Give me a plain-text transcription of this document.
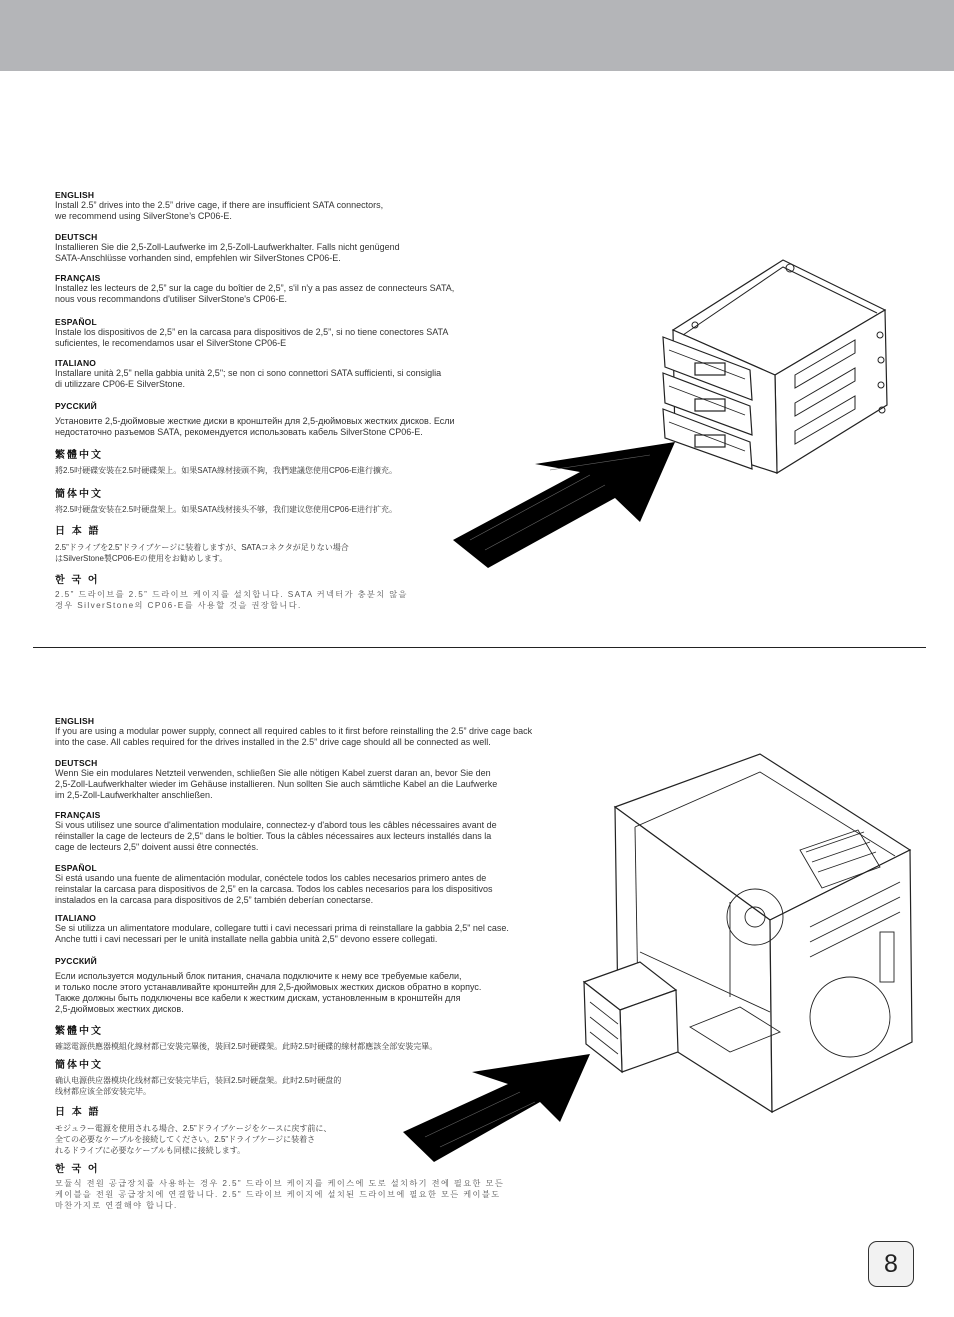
ENGLISH

Install 2.5” drives into the 2.5” drive cage, if there are insufficient SATA connectors,
we recommend using SilverStone’s CP06-E.

DEUTSCH

Installieren Sie die 2,5-Zoll-Laufwerke im 2,5-Zoll-Laufwerkhalter. Falls nicht genügend
SATA-Anschlüsse vorhanden sind, empfehlen wir SilverStones CP06-E.

FRANÇAIS

Installez les lecteurs de 2,5” sur la cage du boîtier de 2,5”, s'il n'y a pas assez de connecteurs SATA,
nous vous recommandons d'utiliser SilverStone's CP06-E.

ESPAÑOL

Instale los dispositivos de 2,5” en la carcasa para dispositivos de 2,5”, si no tiene conectores SATA
suficientes, le recomendamos usar el SilverStone CP06-E

ITALIANO

Installare unità 2,5" nella gabbia unità 2,5"; se non ci sono connettori SATA sufficienti, si consiglia
di utilizzare CP06-E SilverStone.

РУССКИЙ

Установите 2,5-дюймовые жесткие диски в кронштейн для 2,5-дюймовых жестких дисков. Если
недостаточно разъемов SATA, рекомендуется использовать кабель SilverStone CP06-E.

繁體中文

將2.5吋硬碟安裝在2.5吋硬碟架上。如果SATA線材接頭不夠，我們建議您使用CP06-E進行擴充。

簡体中文

将2.5吋硬盘安装在2.5吋硬盘架上。如果SATA线材接头不够，我们建议您使用CP06-E进行扩充。

日 本 語

2.5”ドライブを2.5”ドライブケージに装着しますが、SATAコネクタが足りない場合
はSilverStone製CP06-Eの使用をお勧めします。

한 국 어

2.5” 드라이브를 2.5” 드라이브 케이지를 설치합니다. SATA 커넥터가 충분치 않을
경우 SilverStone의 CP06-E를 사용할 것을 권장합니다.

ENGLISH

If you are using a modular power supply, connect all required cables to it first before reinstalling the 2.5” drive cage back
into the case. All cables required for the drives installed in the 2.5” drive cage should all be connected as well.

DEUTSCH

Wenn Sie ein modulares Netzteil verwenden, schließen Sie alle nötigen Kabel zuerst daran an, bevor Sie den
2,5-Zoll-Laufwerkhalter wieder im Gehäuse installieren. Nun sollten Sie auch sämtliche Kabel an die Laufwerke
im 2,5-Zoll-Laufwerkhalter anschließen.

FRANÇAIS

Si vous utilisez une source d'alimentation modulaire, connectez-y d'abord tous les câbles nécessaires avant de
réinstaller la cage de lecteurs de 2,5" dans le boîtier. Tous la câbles nécessaires aux lecteurs installés dans la
cage de lecteurs 2,5" doivent aussi être connectés.

ESPAÑOL

Si está usando una fuente de alimentación modular, conéctele todos los cables necesarios primero antes de
reinstalar la carcasa para dispositivos de 2,5” en la carcasa. Todos los cables necesarios para los dispositivos
instalados en la carcasa para dispositivos de 2,5” también deberían conectarse.

ITALIANO

Se si utilizza un alimentatore modulare, collegare tutti i cavi necessari prima di reinstallare la gabbia 2,5" nel case.
Anche tutti i cavi necessari per le unità installate nella gabbia unità 2,5" devono essere collegati.

РУССКИЙ

Если используется модульный блок питания, сначала подключите к нему все требуемые кабели,
и только после этого устанавливайте кронштейн для 2,5-дюймовых жестких дисков обратно в корпус.
Также должны быть подключены все кабели к жестким дискам, установленным в кронштейн для
2,5-дюймовых жестких дисков.

繁體中文

確認電源供應器模組化線材都已安裝完畢後，裝回2.5吋硬碟架。此時2.5吋硬碟的線材都應該全部安裝完畢。

簡体中文

确认电源供应器模块化线材都已安装完毕后，装回2.5吋硬盘架。此时2.5吋硬盘的
线材都应该全部安装完毕。

日 本 語

モジュラー電源を使用される場合、2.5”ドライブケージをケースに戻す前に、
全ての必要なケーブルを接続してください。2.5”ドライブケージに装着さ
れるドライブに必要なケーブルも同様に接続します。

한 국 어

모듈식 전원 공급장치를 사용하는 경우 2.5” 드라이브 케이지를 케이스에 도로 설치하기 전에 필요한 모든
케이블을 전원 공급장치에 연결합니다. 2.5” 드라이브 케이지에 설치된 드라이브에 필요한 모든 케이블도
마찬가지로 연결해야 합니다.

8
